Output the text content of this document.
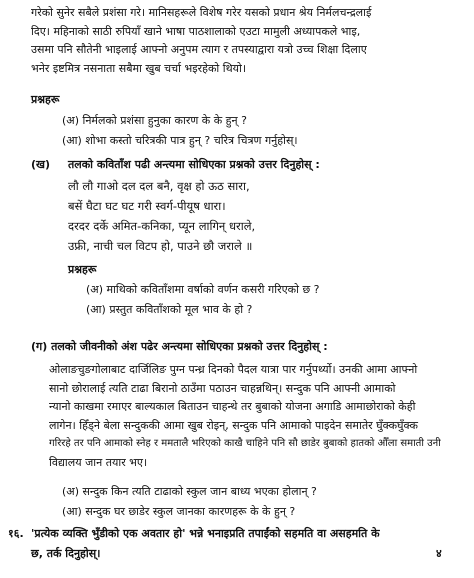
गरेको सुनेर सबैले प्रशंसा गरे। मानिसहरूले विशेष गरेर यसको प्रधान श्रेय निर्मलचन्द्रलाई
दिए। महिनाको साठी रुपियाँ खाने भाषा पाठशालाको एउटा मामुली अध्यापकले भाइ,
उसमा पनि सौतेनी भाइलाई आफ्नो अनुपम त्याग र तपस्याद्वारा यत्रो उच्च शिक्षा दिलाए
भनेर इष्टमित्र नसनाता सबैमा खुब चर्चा भइरहेको थियो।
प्रश्नहरू
(अ) निर्मलको प्रशंसा हुनुका कारण के के हुन् ?
(आ) शोभा कस्तो चरित्रकी पात्र हुन् ? चरित्र चित्रण गर्नुहोस्।
(ख) तलको कविताँश पढी अन्त्यमा सोधिएका प्रश्नको उत्तर दिनुहोस् :
लौ लौ गाओ दल दल बनै, वृक्ष हो ऊठ सारा,
बसें घैटा घट घट गरी स्वर्ग-पीयूष धारा।
दरदर दर्के अमित-कनिका, प्यून लागिन् धराले,
उफ्री, नाची चल विटप हो, पाउने छौ जराले ॥
प्रश्नहरू
(अ) माथिको कविताँशमा वर्षाको वर्णन कसरी गरिएको छ ?
(आ) प्रस्तुत कविताँशको मूल भाव के हो ?
(ग) तलको जीवनीको अंश पढेर अन्त्यमा सोधिएका प्रश्नको उत्तर दिनुहोस् :
ओलाङचुङगोलाबाट दार्जिलिङ पुग्न पन्ध्र दिनको पैदल यात्रा पार गर्नुपर्थ्यो। उनकी आमा आफ्नो
सानो छोरालाई त्यति टाढा बिरानो ठाउँमा पठाउन चाहन्नथिन्। सन्दुक पनि आफ्नी आमाको
न्यानो काखमा रमाएर बाल्यकाल बिताउन चाहन्थे तर बुबाको योजना अगाडि आमाछोराको केही
लागेन। हिँड्ने बेला सन्दुककी आमा खुब रोइन्, सन्दुक पनि आमाको पाइदेन समातेर घुँक्कघुँक्क
गरिरहे तर पनि आमाको स्नेह र ममतालै भरिएको काखै चाहिने पनि सौ छाडेर बुबाको हातको औँला समाती उनी
विद्यालय जान तयार भए।
(अ) सन्दुक किन त्यति टाढाको स्कुल जान बाध्य भएका होलान् ?
(आ) सन्दुक घर छाडेर स्कुल जानका कारणहरू के के हुन् ?
१६. 'प्रत्येक व्यक्ति भुँडीको एक अवतार हो' भन्ने भनाइप्रति तपाईंको सहमति वा असहमति के
छ, तर्क दिनुहोस्।	४
